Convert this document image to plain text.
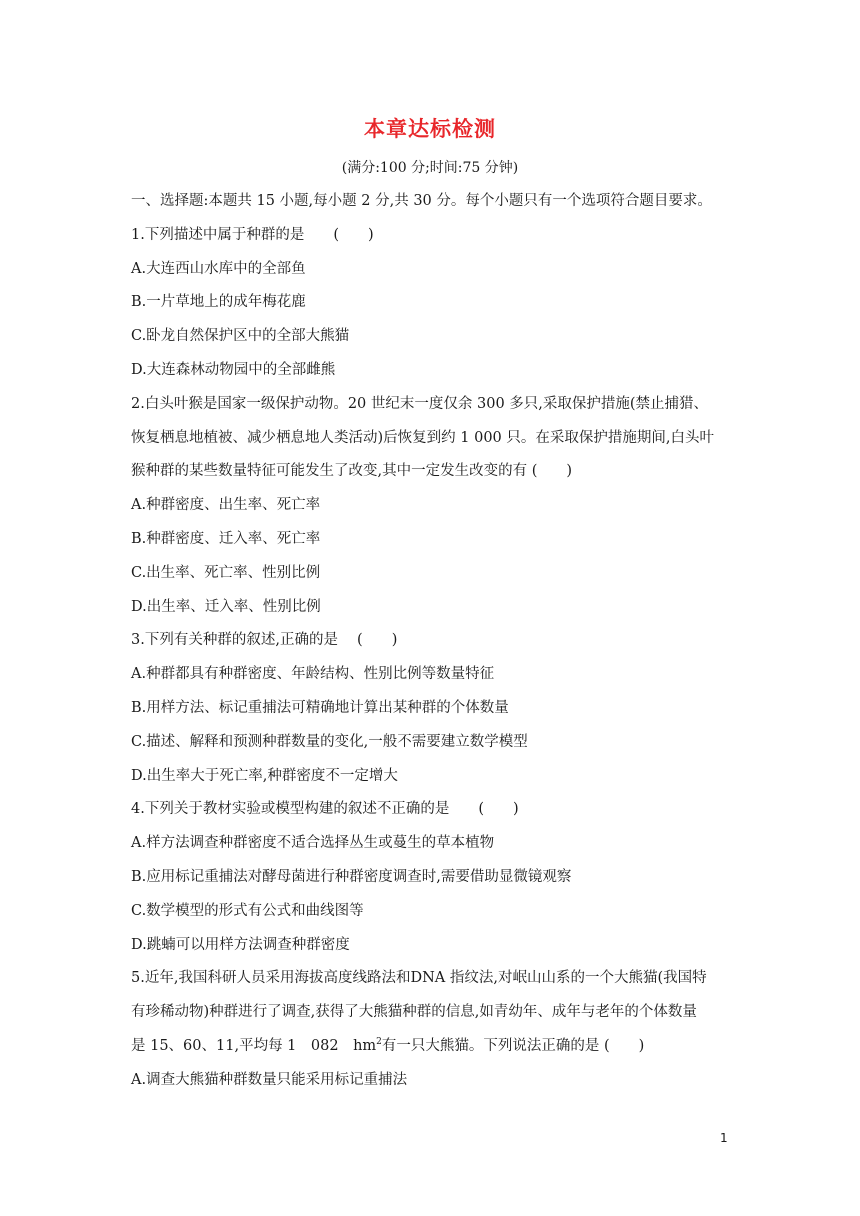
本章达标检测
(满分:100 分;时间:75 分钟)
一、选择题:本题共 15 小题,每小题 2 分,共 30 分。每个小题只有一个选项符合题目要求。
1.下列描述中属于种群的是　　(　　)
A.大连西山水库中的全部鱼
B.一片草地上的成年梅花鹿
C.卧龙自然保护区中的全部大熊猫
D.大连森林动物园中的全部雌熊
2.白头叶猴是国家一级保护动物。20 世纪末一度仅余 300 多只,采取保护措施(禁止捕猎、
恢复栖息地植被、减少栖息地人类活动)后恢复到约 1 000 只。在采取保护措施期间,白头叶
猴种群的某些数量特征可能发生了改变,其中一定发生改变的有 (　　)
A.种群密度、出生率、死亡率
B.种群密度、迁入率、死亡率
C.出生率、死亡率、性别比例
D.出生率、迁入率、性别比例
3.下列有关种群的叙述,正确的是　 (　　)
A.种群都具有种群密度、年龄结构、性别比例等数量特征
B.用样方法、标记重捕法可精确地计算出某种群的个体数量
C.描述、解释和预测种群数量的变化,一般不需要建立数学模型
D.出生率大于死亡率,种群密度不一定增大
4.下列关于教材实验或模型构建的叙述不正确的是　　(　　)
A.样方法调查种群密度不适合选择丛生或蔓生的草本植物
B.应用标记重捕法对酵母菌进行种群密度调查时,需要借助显微镜观察
C.数学模型的形式有公式和曲线图等
D.跳蝻可以用样方法调查种群密度
5.近年,我国科研人员采用海拔高度线路法和DNA 指纹法,对岷山山系的一个大熊猫(我国特
有珍稀动物)种群进行了调查,获得了大熊猫种群的信息,如青幼年、成年与老年的个体数量
是 15、60、11,平均每 1　082　$hm^2$有一只大熊猫。下列说法正确的是 (　　)
A.调查大熊猫种群数量只能采用标记重捕法
1
